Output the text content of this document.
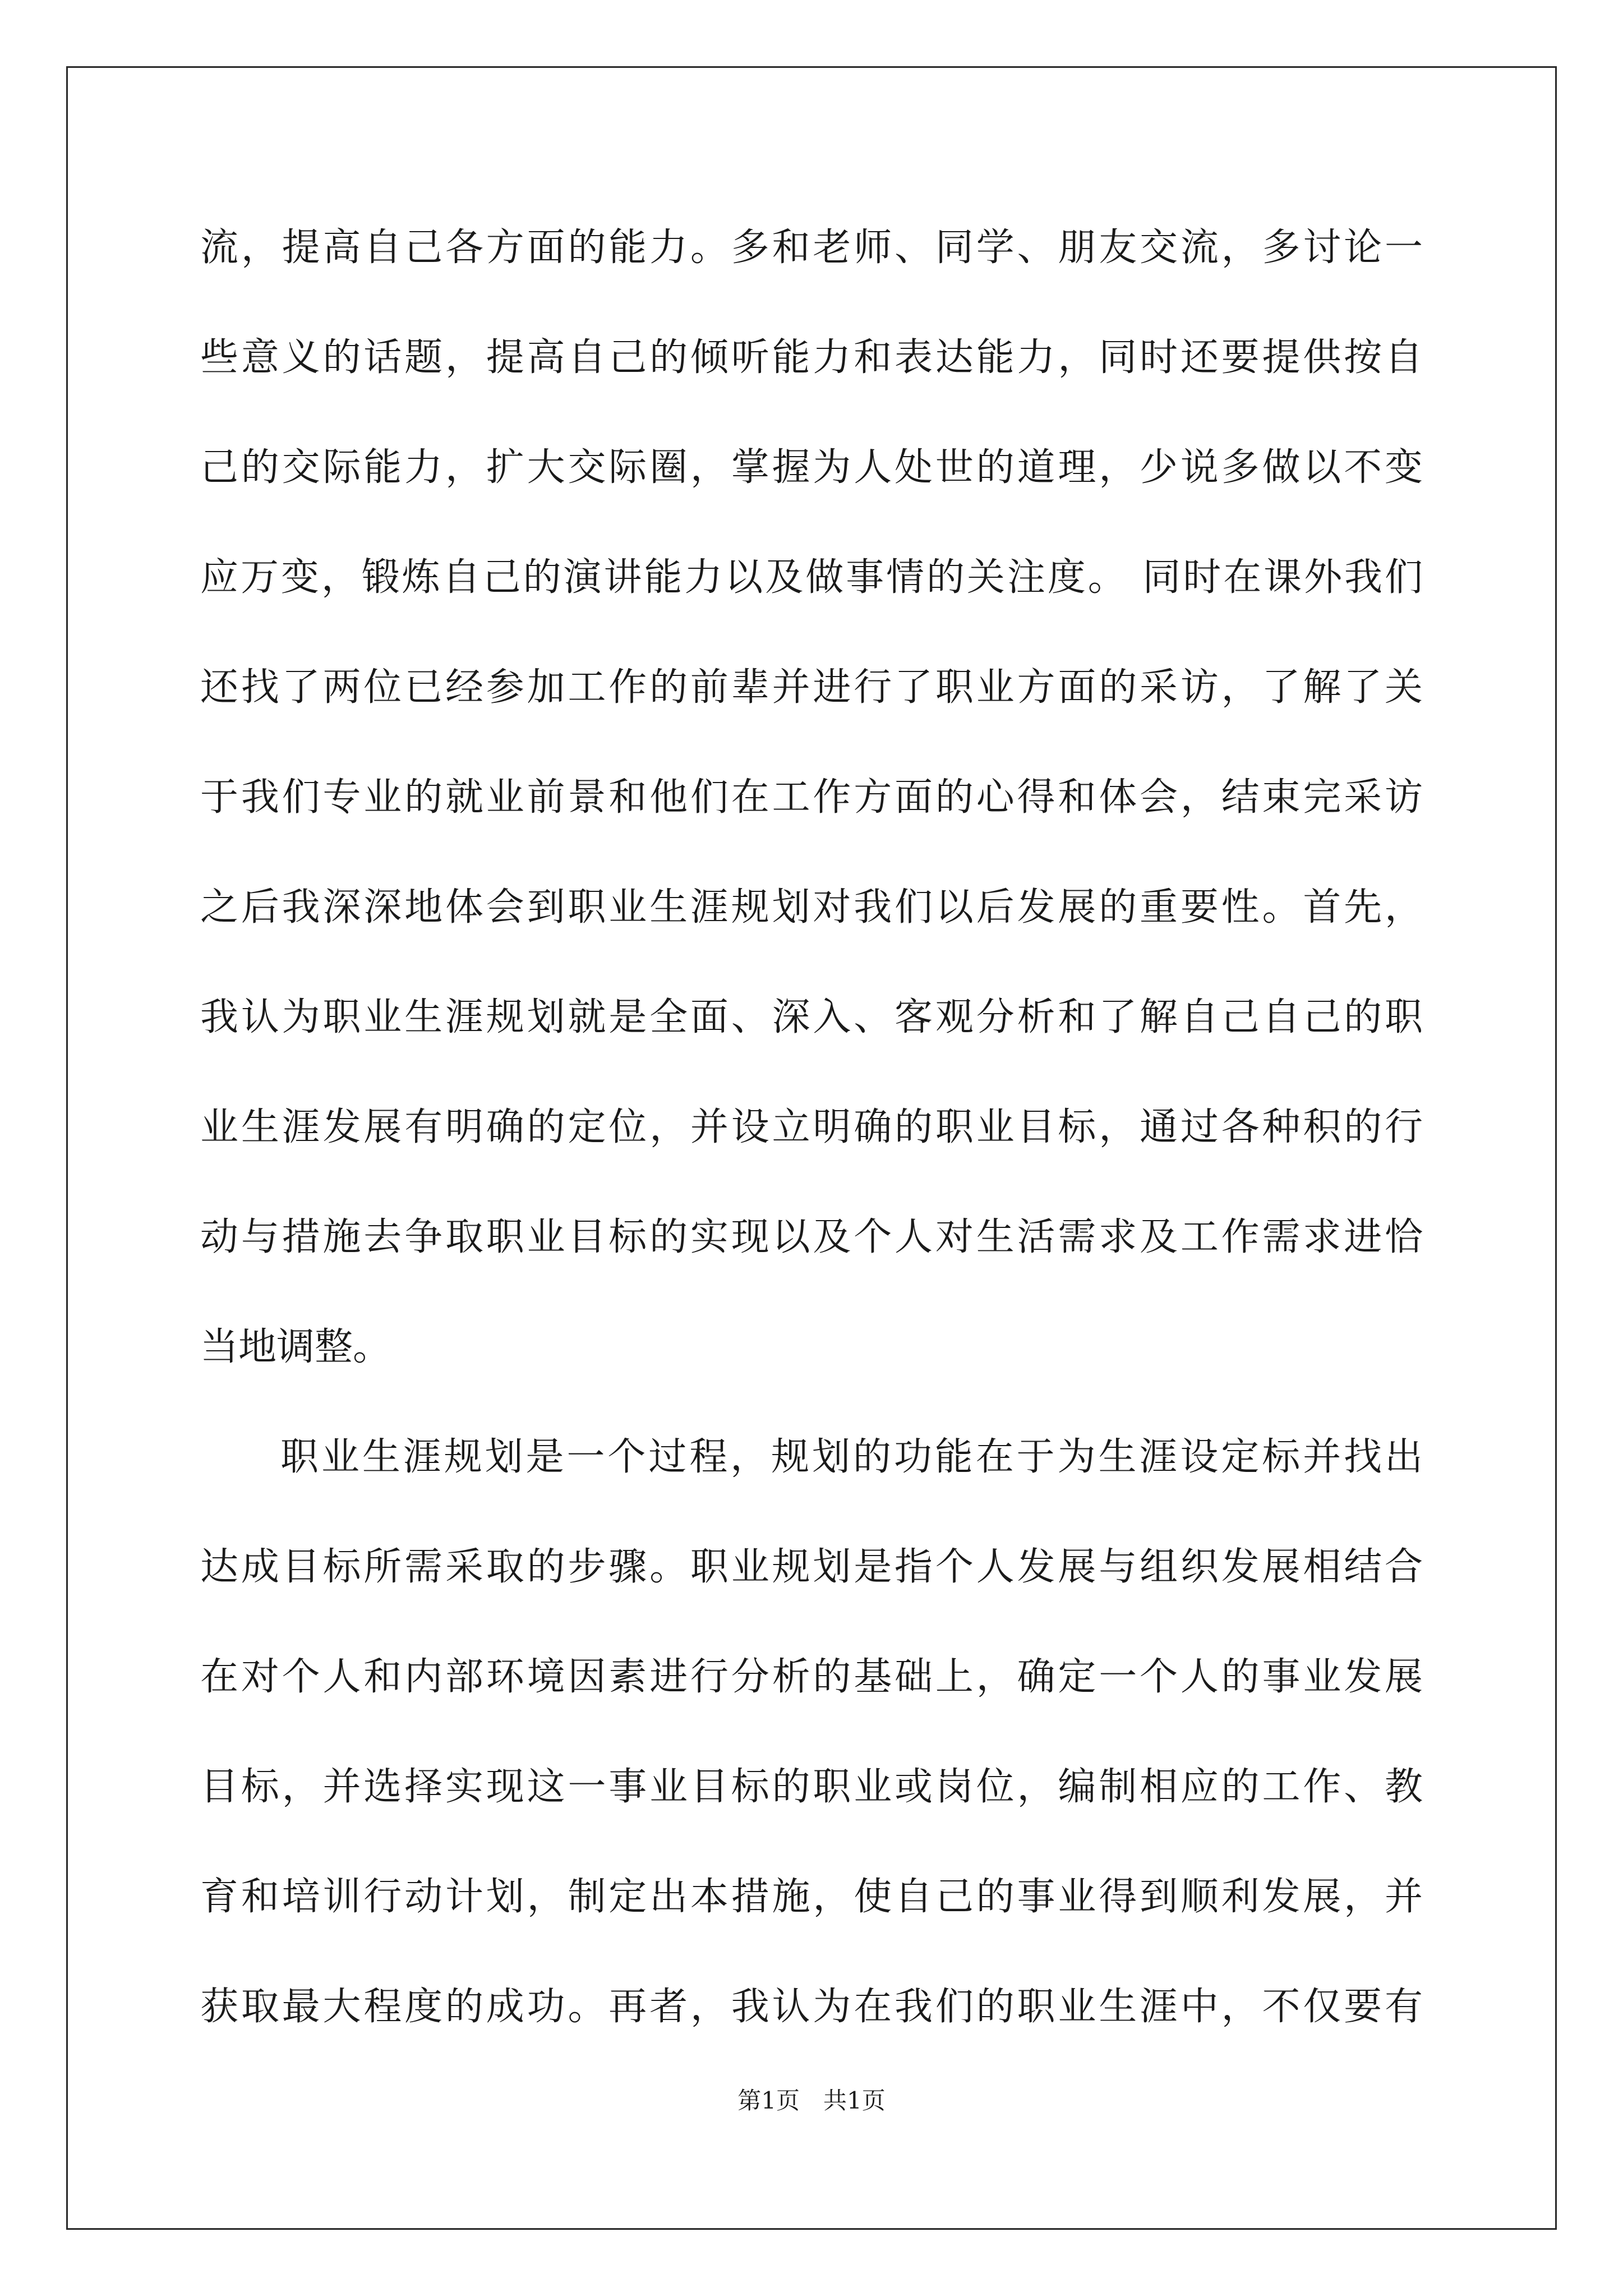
流，提高自己各方面的能力。多和老师、同学、朋友交流，多讨论一
些意义的话题，提高自己的倾听能力和表达能力，同时还要提供按自
己的交际能力，扩大交际圈，掌握为人处世的道理，少说多做以不变
应万变，锻炼自己的演讲能力以及做事情的关注度。 同时在课外我们
还找了两位已经参加工作的前辈并进行了职业方面的采访，了解了关
于我们专业的就业前景和他们在工作方面的心得和体会，结束完采访
之后我深深地体会到职业生涯规划对我们以后发展的重要性。首先，
我认为职业生涯规划就是全面、深入、客观分析和了解自己自己的职
业生涯发展有明确的定位，并设立明确的职业目标，通过各种积的行
动与措施去争取职业目标的实现以及个人对生活需求及工作需求进恰
当地调整。
职业生涯规划是一个过程，规划的功能在于为生涯设定标并找出
达成目标所需采取的步骤。职业规划是指个人发展与组织发展相结合
在对个人和内部环境因素进行分析的基础上，确定一个人的事业发展
目标，并选择实现这一事业目标的职业或岗位，编制相应的工作、教
育和培训行动计划，制定出本措施，使自己的事业得到顺利发展，并
获取最大程度的成功。再者，我认为在我们的职业生涯中，不仅要有
第1页　共1页
